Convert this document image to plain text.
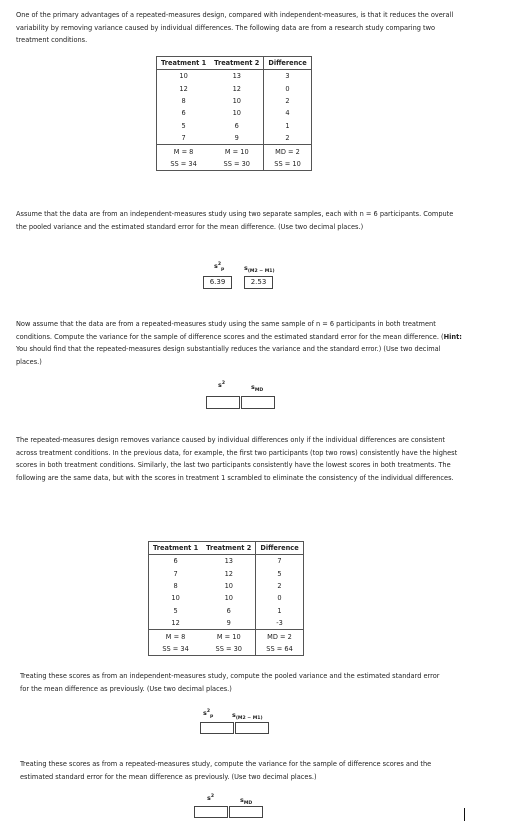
One of the primary advantages of a repeated-measures design, compared with independent-measures, is that it reduces the overall variability by removing variance caused by individual differences. The following data are from a research study comparing two treatment conditions.

Treatment 1	Treatment 2	Difference
10	13	3
12	12	0
8	10	2
6	10	4
5	6	1
7	9	2
M = 8	M = 10	MD = 2
SS = 34	SS = 30	SS = 10

Assume that the data are from an independent-measures study using two separate samples, each with n = 6 participants. Compute the pooled variance and the estimated standard error for the mean difference. (Use two decimal places.)

$s^2_p$	$s_{(M2 - M1)}$
6.39	2.53

Now assume that the data are from a repeated-measures study using the same sample of n = 6 participants in both treatment conditions. Compute the variance for the sample of difference scores and the estimated standard error for the mean difference. (Hint: You should find that the repeated-measures design substantially reduces the variance and the standard error.) (Use two decimal places.)

$s^2$	$s_{MD}$

The repeated-measures design removes variance caused by individual differences only if the individual differences are consistent across treatment conditions. In the previous data, for example, the first two participants (top two rows) consistently have the highest scores in both treatment conditions. Similarly, the last two participants consistently have the lowest scores in both treatments. The following are the same data, but with the scores in treatment 1 scrambled to eliminate the consistency of the individual differences.

Treatment 1	Treatment 2	Difference
6	13	7
7	12	5
8	10	2
10	10	0
5	6	1
12	9	-3
M = 8	M = 10	MD = 2
SS = 34	SS = 30	SS = 64

Treating these scores as from an independent-measures study, compute the pooled variance and the estimated standard error for the mean difference as previously. (Use two decimal places.)

$s^2_p$	$s_{(M2 - M1)}$

Treating these scores as from a repeated-measures study, compute the variance for the sample of difference scores and the estimated standard error for the mean difference as previously. (Use two decimal places.)

$s^2$	$s_{MD}$
